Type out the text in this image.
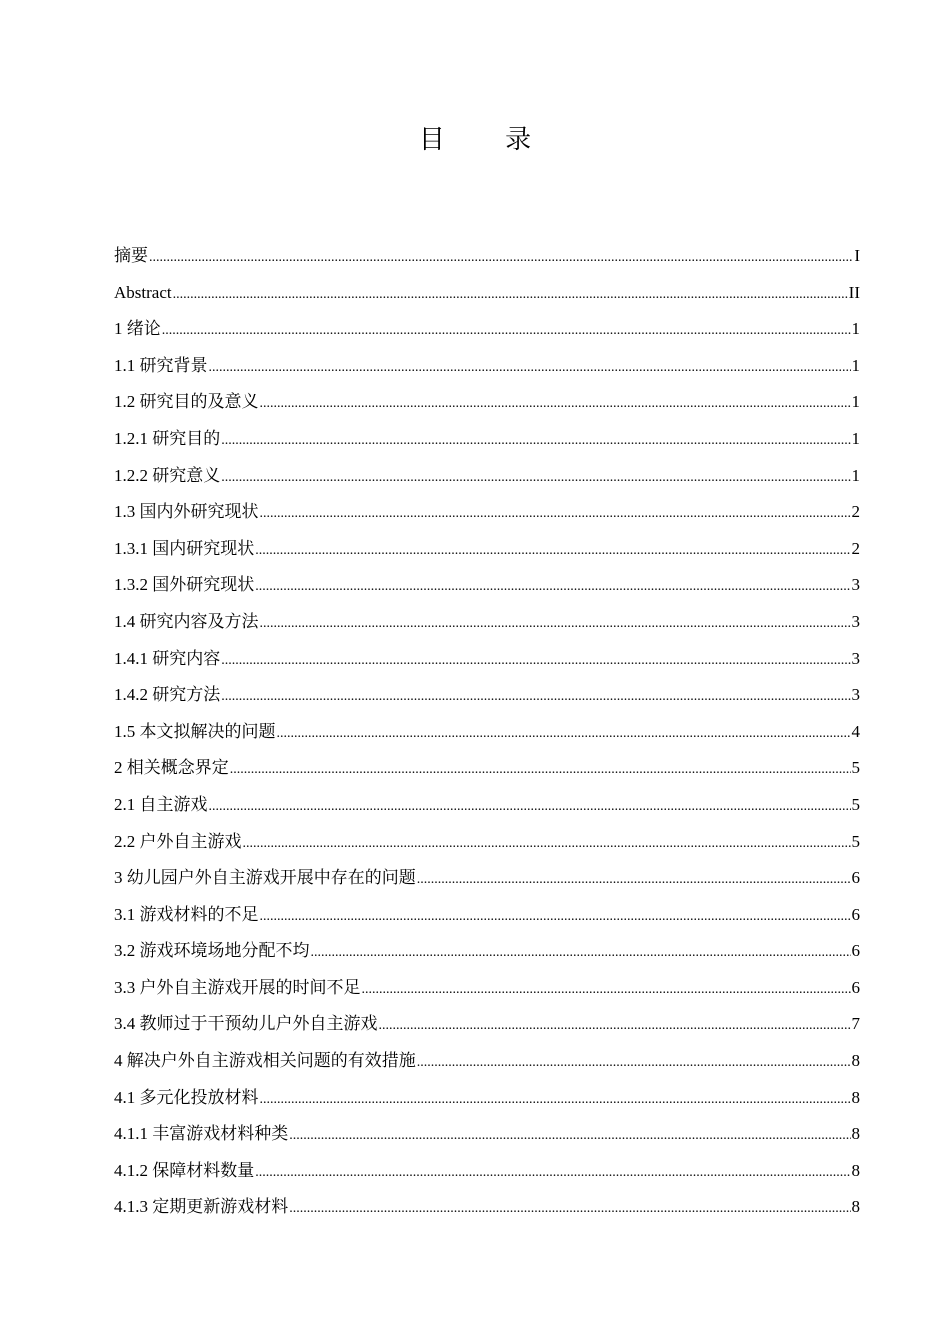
目 录
摘要 .....	I
Abstract .....	II
1 绪论 .....	1
1.1 研究背景 .....	1
1.2 研究目的及意义 .....	1
1.2.1 研究目的 .....	1
1.2.2 研究意义 .....	1
1.3 国内外研究现状 .....	2
1.3.1 国内研究现状 .....	2
1.3.2 国外研究现状 .....	3
1.4 研究内容及方法 .....	3
1.4.1 研究内容 .....	3
1.4.2 研究方法 .....	3
1.5 本文拟解决的问题 .....	4
2 相关概念界定 .....	5
2.1 自主游戏 .....	5
2.2 户外自主游戏 .....	5
3 幼儿园户外自主游戏开展中存在的问题 .....	6
3.1 游戏材料的不足 .....	6
3.2 游戏环境场地分配不均 .....	6
3.3 户外自主游戏开展的时间不足 .....	6
3.4 教师过于干预幼儿户外自主游戏 .....	7
4 解决户外自主游戏相关问题的有效措施 .....	8
4.1 多元化投放材料 .....	8
4.1.1 丰富游戏材料种类 .....	8
4.1.2 保障材料数量 .....	8
4.1.3 定期更新游戏材料 .....	8
